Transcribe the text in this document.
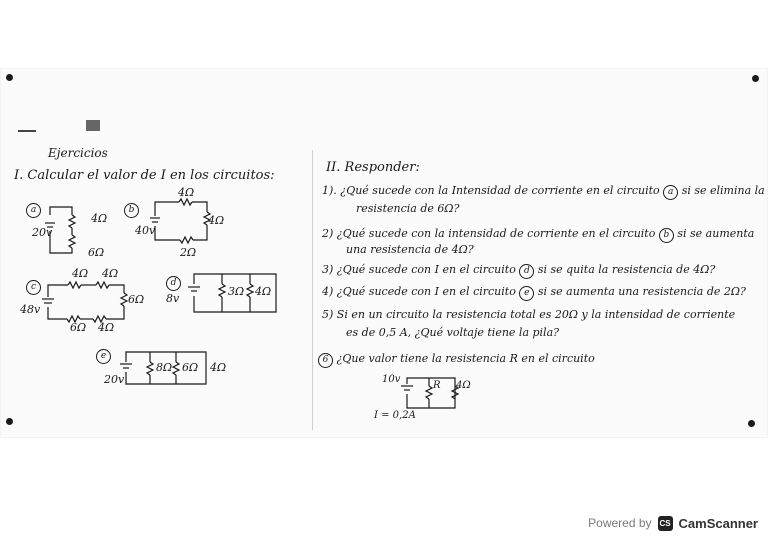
Ejercicios
I. Calcular el valor de I en los circuitos:
a
20v
4Ω
6Ω
b
4Ω
40v
4Ω
2Ω
c
4Ω 4Ω
48v
6Ω
6Ω 4Ω
d
8v
3Ω 4Ω
e
20v
8Ω 6Ω 4Ω
II. Responder:
1). ¿Qué sucede con la Intensidad de corriente en el circuito a si se elimina la
resistencia de 6Ω?
2) ¿Qué sucede con la intensidad de corriente en el circuito b si se aumenta
una resistencia de 4Ω?
3) ¿Qué sucede con I en el circuito d si se quita la resistencia de 4Ω?
4) ¿Qué sucede con I en el circuito e si se aumenta una resistencia de 2Ω?
5) Si en un circuito la resistencia total es 20Ω y la intensidad de corriente
es de 0,5 A, ¿Qué voltaje tiene la pila?
6 ¿Que valor tiene la resistencia R en el circuito
10v
R 4Ω
I = 0,2A
Powered by CS CamScanner
